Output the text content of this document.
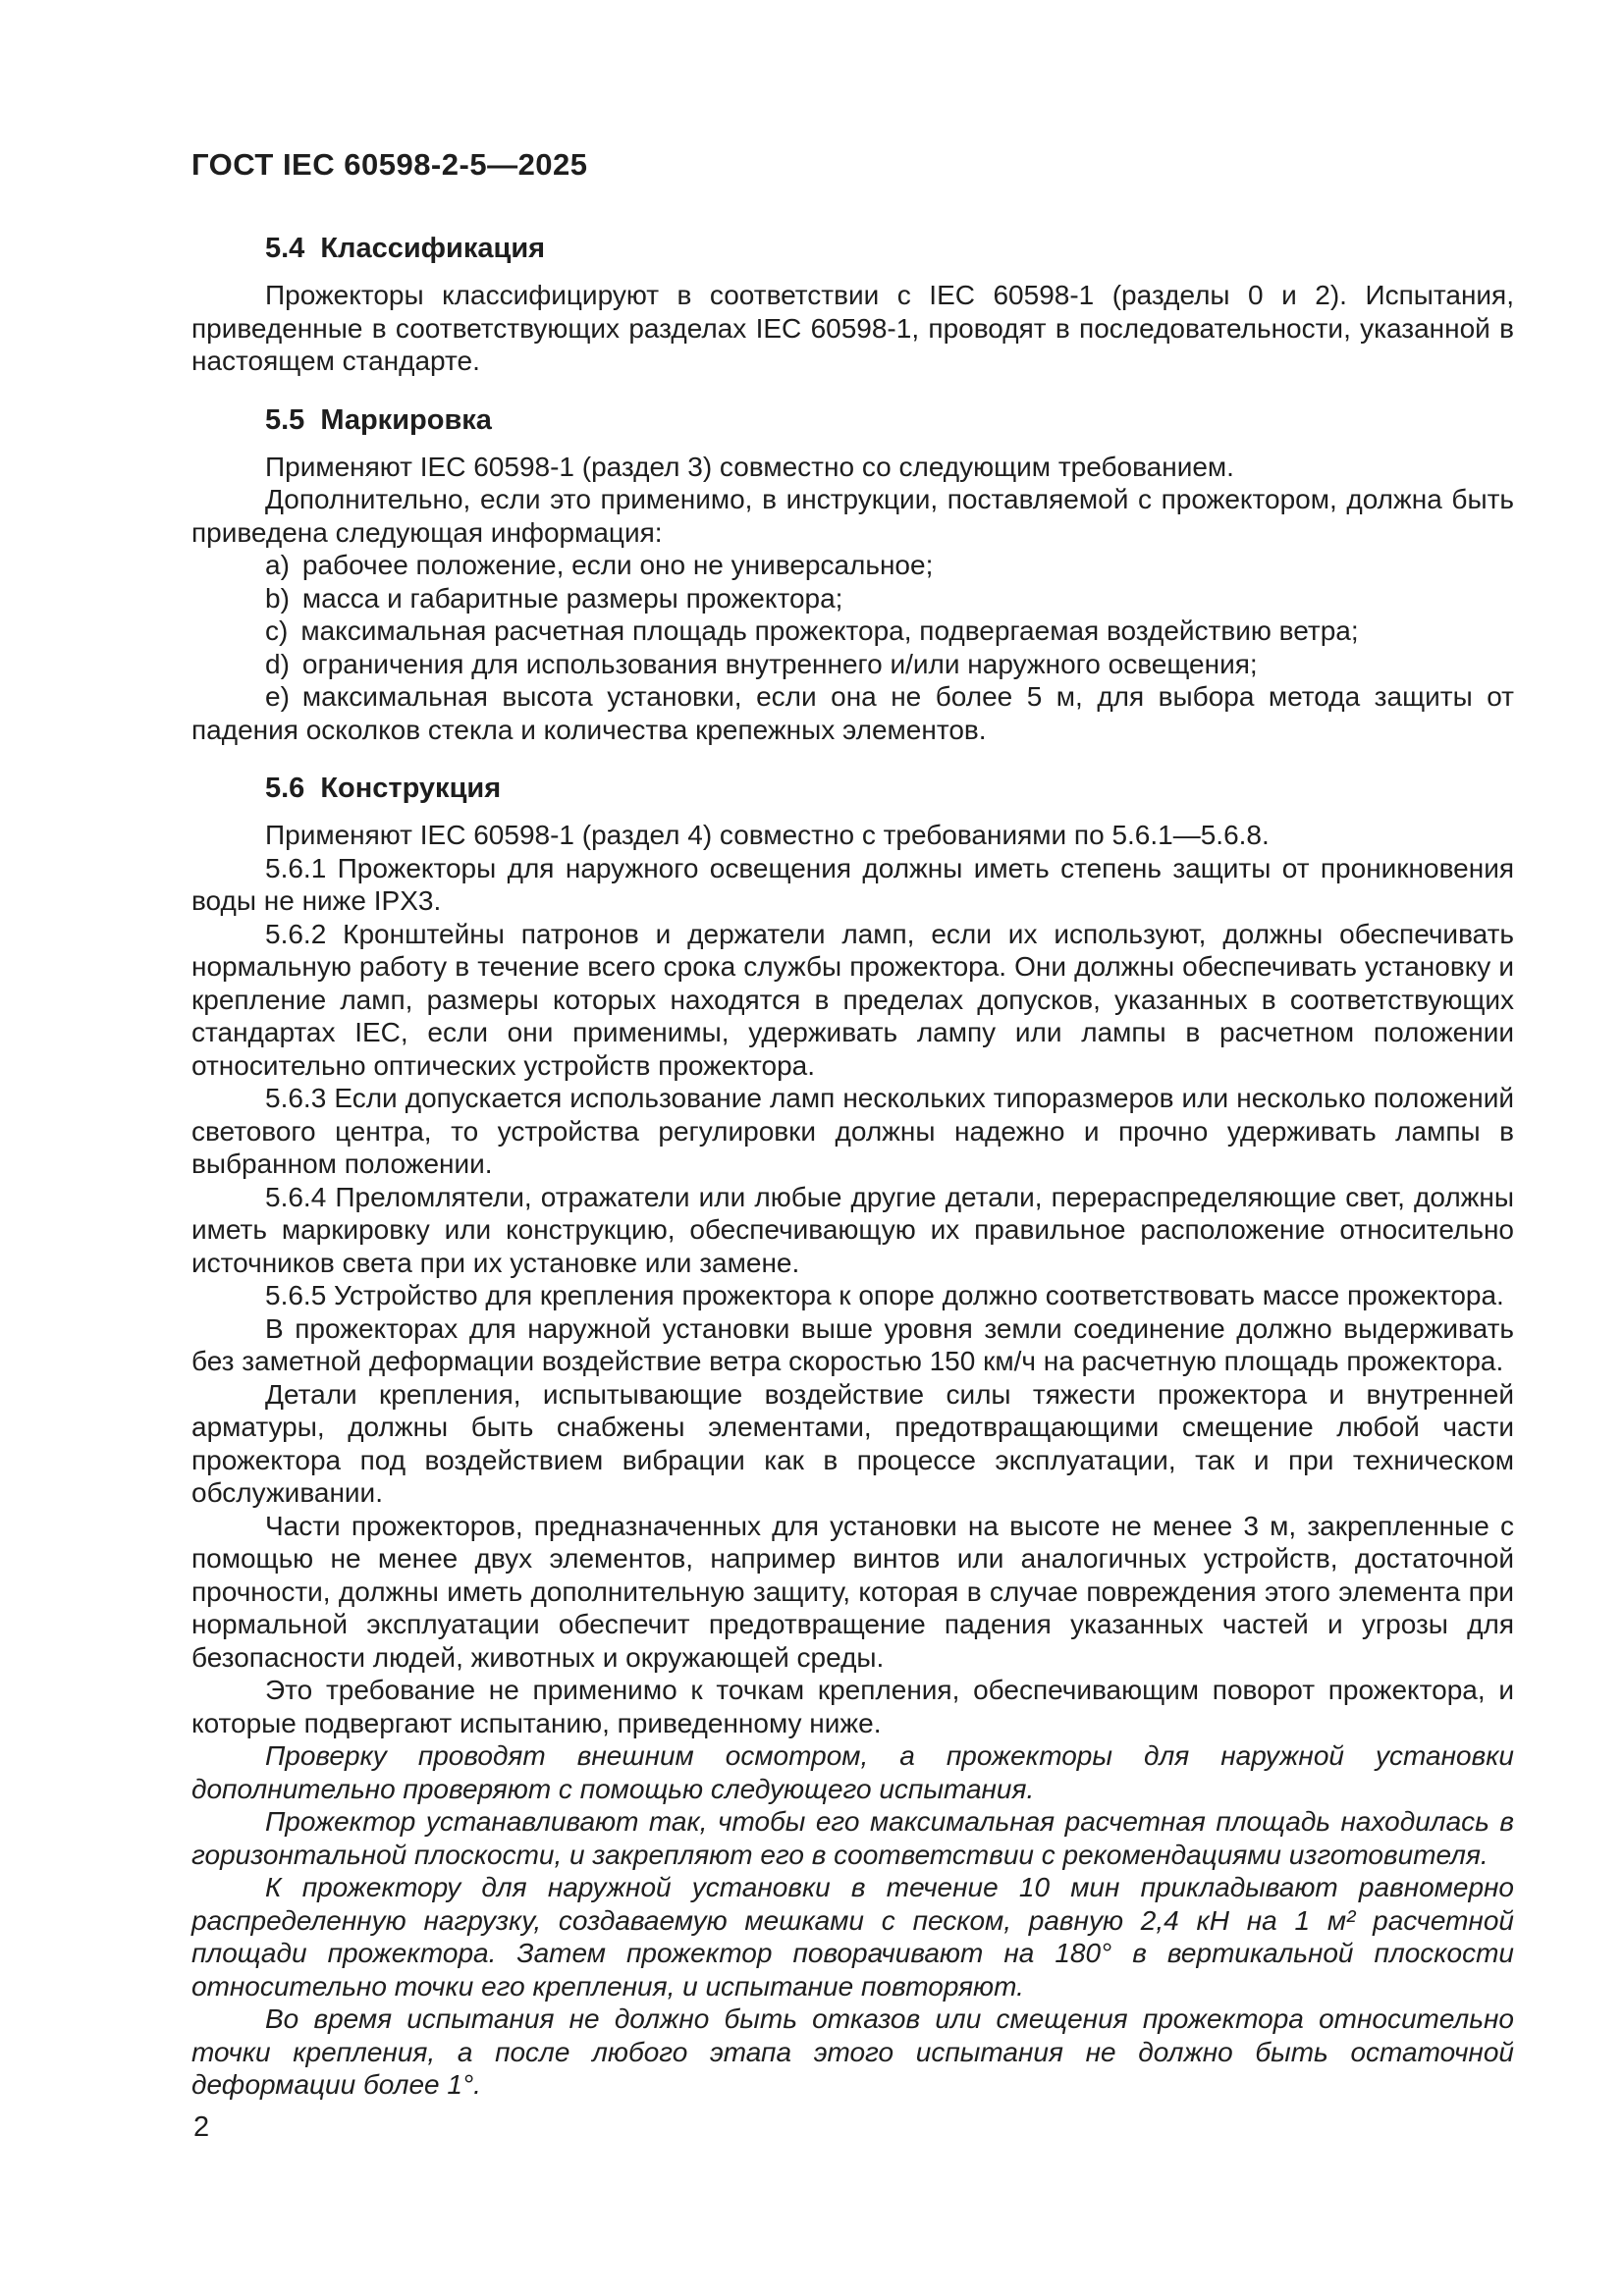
ГОСТ IEC 60598-2-5—2025
5.4 Классификация

Прожекторы классифицируют в соответствии с IEC 60598-1 (разделы 0 и 2). Испытания, приведенные в соответствующих разделах IEC 60598-1, проводят в последовательности, указанной в настоящем стандарте.

5.5 Маркировка

Применяют IEC 60598-1 (раздел 3) совместно со следующим требованием.

Дополнительно, если это применимо, в инструкции, поставляемой с прожектором, должна быть приведена следующая информация:

a) рабочее положение, если оно не универсальное;

b) масса и габаритные размеры прожектора;

c) максимальная расчетная площадь прожектора, подвергаемая воздействию ветра;

d) ограничения для использования внутреннего и/или наружного освещения;

e) максимальная высота установки, если она не более 5 м, для выбора метода защиты от падения осколков стекла и количества крепежных элементов.

5.6 Конструкция

Применяют IEC 60598-1 (раздел 4) совместно с требованиями по 5.6.1—5.6.8.

5.6.1 Прожекторы для наружного освещения должны иметь степень защиты от проникновения воды не ниже IPX3.

5.6.2 Кронштейны патронов и держатели ламп, если их используют, должны обеспечивать нормальную работу в течение всего срока службы прожектора. Они должны обеспечивать установку и крепление ламп, размеры которых находятся в пределах допусков, указанных в соответствующих стандартах IEC, если они применимы, удерживать лампу или лампы в расчетном положении относительно оптических устройств прожектора.

5.6.3 Если допускается использование ламп нескольких типоразмеров или несколько положений светового центра, то устройства регулировки должны надежно и прочно удерживать лампы в выбранном положении.

5.6.4 Преломлятели, отражатели или любые другие детали, перераспределяющие свет, должны иметь маркировку или конструкцию, обеспечивающую их правильное расположение относительно источников света при их установке или замене.

5.6.5 Устройство для крепления прожектора к опоре должно соответствовать массе прожектора.

В прожекторах для наружной установки выше уровня земли соединение должно выдерживать без заметной деформации воздействие ветра скоростью 150 км/ч на расчетную площадь прожектора.

Детали крепления, испытывающие воздействие силы тяжести прожектора и внутренней арматуры, должны быть снабжены элементами, предотвращающими смещение любой части прожектора под воздействием вибрации как в процессе эксплуатации, так и при техническом обслуживании.

Части прожекторов, предназначенных для установки на высоте не менее 3 м, закрепленные с помощью не менее двух элементов, например винтов или аналогичных устройств, достаточной прочности, должны иметь дополнительную защиту, которая в случае повреждения этого элемента при нормальной эксплуатации обеспечит предотвращение падения указанных частей и угрозы для безопасности людей, животных и окружающей среды.

Это требование не применимо к точкам крепления, обеспечивающим поворот прожектора, и которые подвергают испытанию, приведенному ниже.

Проверку проводят внешним осмотром, а прожекторы для наружной установки дополнительно проверяют с помощью следующего испытания.

Прожектор устанавливают так, чтобы его максимальная расчетная площадь находилась в горизонтальной плоскости, и закрепляют его в соответствии с рекомендациями изготовителя.

К прожектору для наружной установки в течение 10 мин прикладывают равномерно распределенную нагрузку, создаваемую мешками с песком, равную 2,4 кН на 1 м² расчетной площади прожектора. Затем прожектор поворачивают на 180° в вертикальной плоскости относительно точки его крепления, и испытание повторяют.

Во время испытания не должно быть отказов или смещения прожектора относительно точки крепления, а после любого этапа этого испытания не должно быть остаточной деформации более 1°.

2
